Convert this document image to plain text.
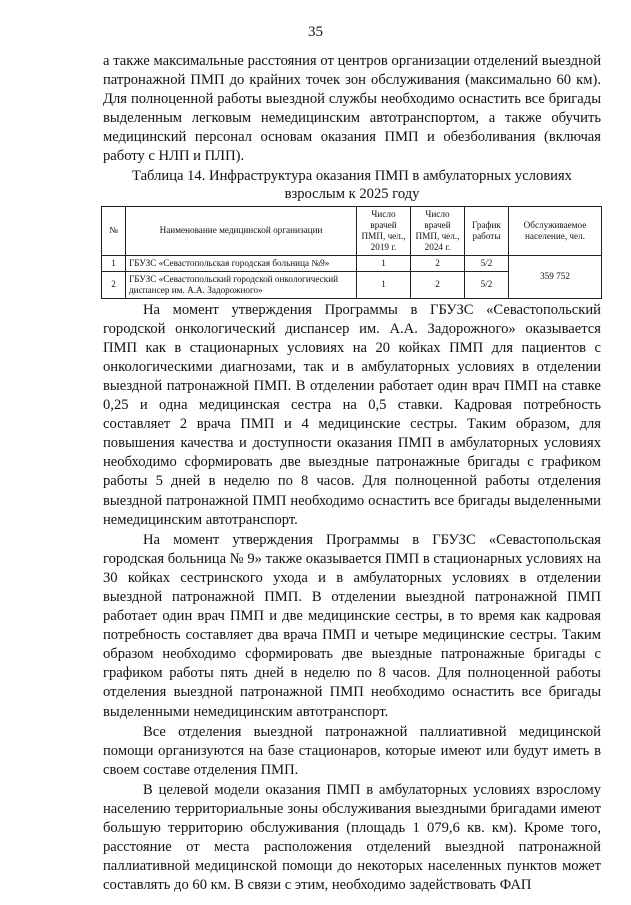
35

а также максимальные расстояния от центров организации отделений выездной патронажной ПМП до крайних точек зон обслуживания (максимально 60 км). Для полноценной работы выездной службы необходимо оснастить все бригады выделенным легковым немедицинским автотранспортом, а также обучить медицинский персонал основам оказания ПМП и обезболивания (включая работу с НЛП и ПЛП).

Таблица 14. Инфраструктура оказания ПМП в амбулаторных условиях взрослым к 2025 году

№	Наименование медицинской организации	Число врачей ПМП, чел., 2019 г.	Число врачей ПМП, чел., 2024 г.	График работы	Обслуживаемое население, чел.
1	ГБУЗС «Севастопольская городская больница №9»	1	2	5/2	359 752
2	ГБУЗС «Севастопольский городской онкологический диспансер им. А.А. Задорожного»	1	2	5/2	

На момент утверждения Программы в ГБУЗС «Севастопольский городской онкологический диспансер им. А.А. Задорожного» оказывается ПМП как в стационарных условиях на 20 койках ПМП для пациентов с онкологическими диагнозами, так и в амбулаторных условиях в отделении выездной патронажной ПМП. В отделении работает один врач ПМП на ставке 0,25 и одна медицинская сестра на 0,5 ставки. Кадровая потребность составляет 2 врача ПМП и 4 медицинские сестры. Таким образом, для повышения качества и доступности оказания ПМП в амбулаторных условиях необходимо сформировать две выездные патронажные бригады с графиком работы 5 дней в неделю по 8 часов. Для полноценной работы отделения выездной патронажной ПМП необходимо оснастить все бригады выделенными немедицинским автотранспорт.

На момент утверждения Программы в ГБУЗС «Севастопольская городская больница № 9» также оказывается ПМП в стационарных условиях на 30 койках сестринского ухода и в амбулаторных условиях в отделении выездной патронажной ПМП. В отделении выездной патронажной ПМП работает один врач ПМП и две медицинские сестры, в то время как кадровая потребность составляет два врача ПМП и четыре медицинские сестры. Таким образом необходимо сформировать две выездные патронажные бригады с графиком работы пять дней в неделю по 8 часов. Для полноценной работы отделения выездной патронажной ПМП необходимо оснастить все бригады выделенными немедицинским автотранспорт.

Все отделения выездной патронажной паллиативной медицинской помощи организуются на базе стационаров, которые имеют или будут иметь в своем составе отделения ПМП.

В целевой модели оказания ПМП в амбулаторных условиях взрослому населению территориальные зоны обслуживания выездными бригадами имеют большую территорию обслуживания (площадь 1 079,6 кв. км). Кроме того, расстояние от места расположения отделений выездной патронажной паллиативной медицинской помощи до некоторых населенных пунктов может составлять до 60 км. В связи с этим, необходимо задействовать ФАП
